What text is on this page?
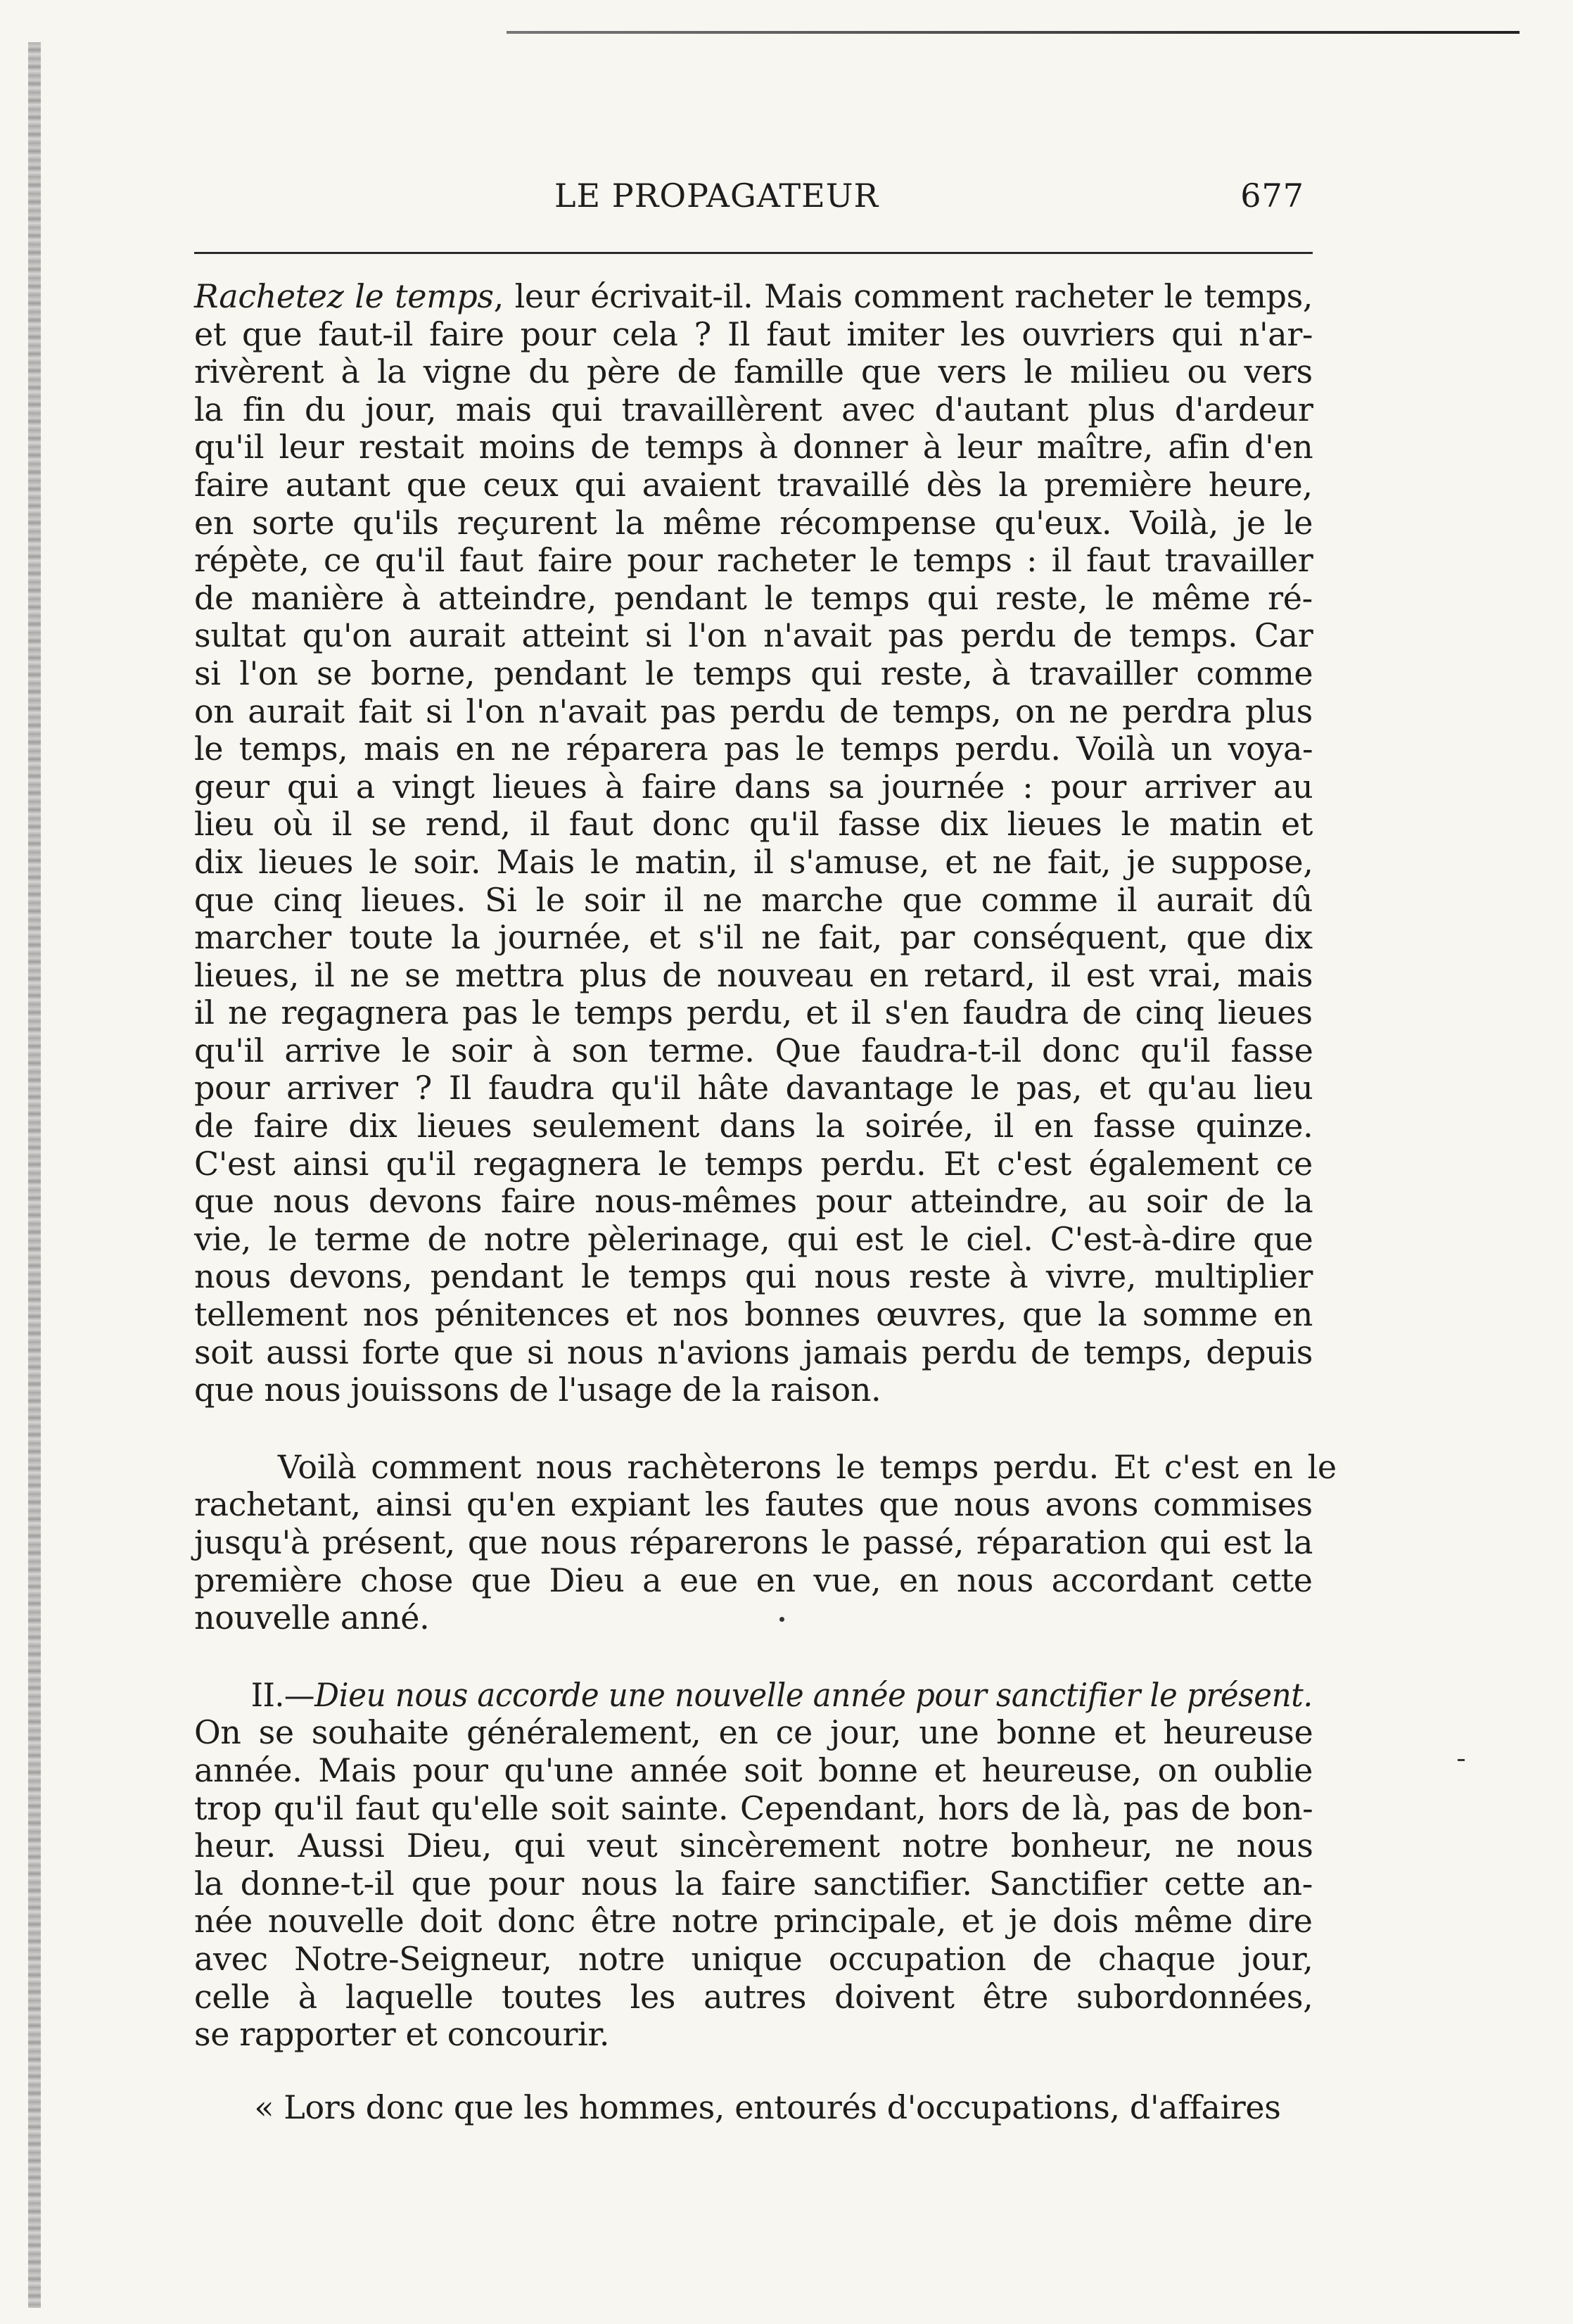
LE PROPAGATEUR	677
Rachetez le temps, leur écrivait-il. Mais comment racheter le temps,
et que faut-il faire pour cela ? Il faut imiter les ouvriers qui n'ar-
rivèrent à la vigne du père de famille que vers le milieu ou vers
la fin du jour, mais qui travaillèrent avec d'autant plus d'ardeur
qu'il leur restait moins de temps à donner à leur maître, afin d'en
faire autant que ceux qui avaient travaillé dès la première heure,
en sorte qu'ils reçurent la même récompense qu'eux. Voilà, je le
répète, ce qu'il faut faire pour racheter le temps : il faut travailler
de manière à atteindre, pendant le temps qui reste, le même ré-
sultat qu'on aurait atteint si l'on n'avait pas perdu de temps. Car
si l'on se borne, pendant le temps qui reste, à travailler comme
on aurait fait si l'on n'avait pas perdu de temps, on ne perdra plus
le temps, mais en ne réparera pas le temps perdu. Voilà un voya-
geur qui a vingt lieues à faire dans sa journée : pour arriver au
lieu où il se rend, il faut donc qu'il fasse dix lieues le matin et
dix lieues le soir. Mais le matin, il s'amuse, et ne fait, je suppose,
que cinq lieues. Si le soir il ne marche que comme il aurait dû
marcher toute la journée, et s'il ne fait, par conséquent, que dix
lieues, il ne se mettra plus de nouveau en retard, il est vrai, mais
il ne regagnera pas le temps perdu, et il s'en faudra de cinq lieues
qu'il arrive le soir à son terme. Que faudra-t-il donc qu'il fasse
pour arriver ? Il faudra qu'il hâte davantage le pas, et qu'au lieu
de faire dix lieues seulement dans la soirée, il en fasse quinze.
C'est ainsi qu'il regagnera le temps perdu. Et c'est également ce
que nous devons faire nous-mêmes pour atteindre, au soir de la
vie, le terme de notre pèlerinage, qui est le ciel. C'est-à-dire que
nous devons, pendant le temps qui nous reste à vivre, multiplier
tellement nos pénitences et nos bonnes œuvres, que la somme en
soit aussi forte que si nous n'avions jamais perdu de temps, depuis
que nous jouissons de l'usage de la raison.
Voilà comment nous rachèterons le temps perdu. Et c'est en le
rachetant, ainsi qu'en expiant les fautes que nous avons commises
jusqu'à présent, que nous réparerons le passé, réparation qui est la
première chose que Dieu a eue en vue, en nous accordant cette
nouvelle anné.
II.—Dieu nous accorde une nouvelle année pour sanctifier le présent.
On se souhaite généralement, en ce jour, une bonne et heureuse
année. Mais pour qu'une année soit bonne et heureuse, on oublie
trop qu'il faut qu'elle soit sainte. Cependant, hors de là, pas de bon-
heur. Aussi Dieu, qui veut sincèrement notre bonheur, ne nous
la donne-t-il que pour nous la faire sanctifier. Sanctifier cette an-
née nouvelle doit donc être notre principale, et je dois même dire
avec Notre-Seigneur, notre unique occupation de chaque jour,
celle à laquelle toutes les autres doivent être subordonnées,
se rapporter et concourir.
« Lors donc que les hommes, entourés d'occupations, d'affaires
